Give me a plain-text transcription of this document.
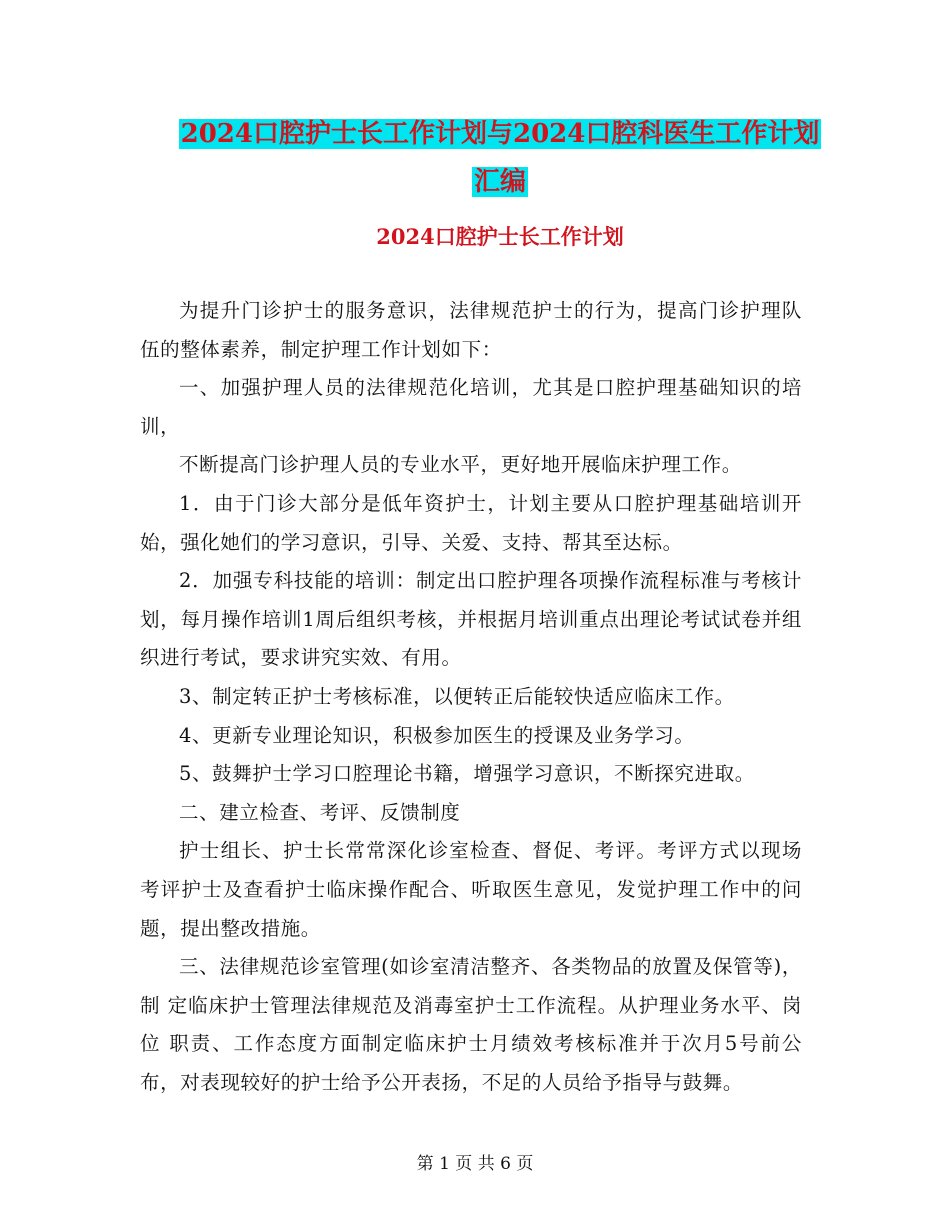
2024口腔护士长工作计划与2024口腔科医生工作计划
汇编
2024口腔护士长工作计划

为提升门诊护士的服务意识，法律规范护士的行为，提高门诊护理队伍的整体素养，制定护理工作计划如下：

一、加强护理人员的法律规范化培训，尤其是口腔护理基础知识的培训，

不断提高门诊护理人员的专业水平，更好地开展临床护理工作。

1．由于门诊大部分是低年资护士，计划主要从口腔护理基础培训开始，强化她们的学习意识，引导、关爱、支持、帮其至达标。

2．加强专科技能的培训：制定出口腔护理各项操作流程标准与考核计划，每月操作培训1周后组织考核，并根据月培训重点出理论考试试卷并组织进行考试，要求讲究实效、有用。

3、制定转正护士考核标准，以便转正后能较快适应临床工作。

4、更新专业理论知识，积极参加医生的授课及业务学习。

5、鼓舞护士学习口腔理论书籍，增强学习意识，不断探究进取。

二、建立检查、考评、反馈制度

护士组长、护士长常常深化诊室检查、督促、考评。考评方式以现场考评护士及查看护士临床操作配合、听取医生意见，发觉护理工作中的问题，提出整改措施。

三、法律规范诊室管理(如诊室清洁整齐、各类物品的放置及保管等)，制 定临床护士管理法律规范及消毒室护士工作流程。从护理业务水平、岗位 职责、工作态度方面制定临床护士月绩效考核标准并于次月5号前公 布，对表现较好的护士给予公开表扬，不足的人员给予指导与鼓舞。

第 1 页 共 6 页
